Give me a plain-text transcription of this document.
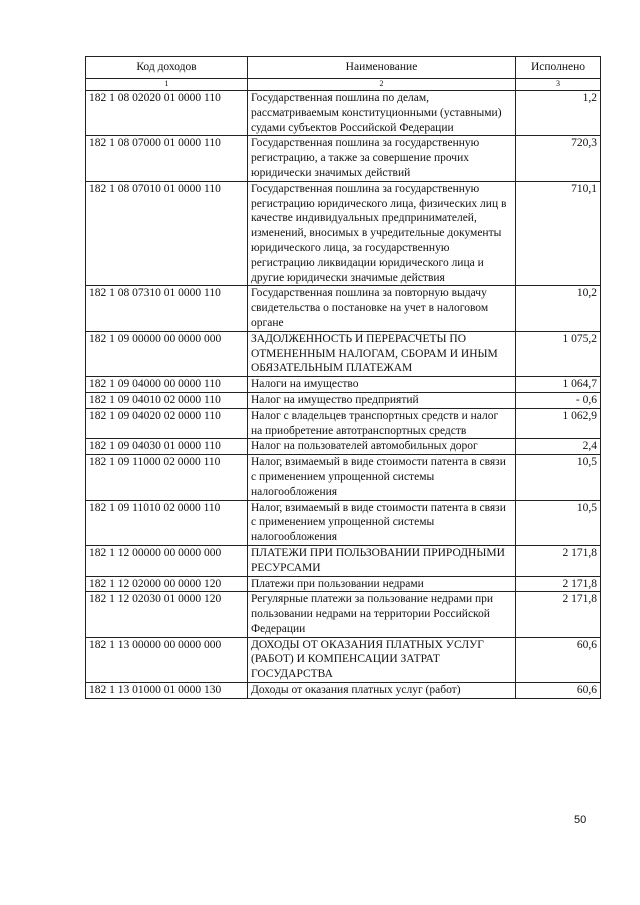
Код доходов	Наименование	Исполнено
1	2	3
182 1 08 02020 01 0000 110	Государственная пошлина по делам, рассматриваемым конституционными (уставными) судами субъектов Российской Федерации	1,2
182 1 08 07000 01 0000 110	Государственная пошлина за государственную регистрацию, а также за совершение прочих юридически значимых действий	720,3
182 1 08 07010 01 0000 110	Государственная пошлина за государственную регистрацию юридического лица, физических лиц в качестве индивидуальных предпринимателей, изменений, вносимых в учредительные документы юридического лица, за государственную регистрацию ликвидации юридического лица и другие юридически значимые действия	710,1
182 1 08 07310 01 0000 110	Государственная пошлина за повторную выдачу свидетельства о постановке на учет в налоговом органе	10,2
182 1 09 00000 00 0000 000	ЗАДОЛЖЕННОСТЬ И ПЕРЕРАСЧЕТЫ ПО ОТМЕНЕННЫМ НАЛОГАМ, СБОРАМ И ИНЫМ ОБЯЗАТЕЛЬНЫМ ПЛАТЕЖАМ	1 075,2
182 1 09 04000 00 0000 110	Налоги на имущество	1 064,7
182 1 09 04010 02 0000 110	Налог на имущество предприятий	- 0,6
182 1 09 04020 02 0000 110	Налог с владельцев транспортных средств и налог на приобретение автотранспортных средств	1 062,9
182 1 09 04030 01 0000 110	Налог на пользователей автомобильных дорог	2,4
182 1 09 11000 02 0000 110	Налог, взимаемый в виде стоимости патента в связи с применением упрощенной системы налогообложения	10,5
182 1 09 11010 02 0000 110	Налог, взимаемый в виде стоимости патента в связи с применением упрощенной системы налогообложения	10,5
182 1 12 00000 00 0000 000	ПЛАТЕЖИ ПРИ ПОЛЬЗОВАНИИ ПРИРОДНЫМИ РЕСУРСАМИ	2 171,8
182 1 12 02000 00 0000 120	Платежи при пользовании недрами	2 171,8
182 1 12 02030 01 0000 120	Регулярные платежи за пользование недрами при пользовании недрами на территории Российской Федерации	2 171,8
182 1 13 00000 00 0000 000	ДОХОДЫ ОТ ОКАЗАНИЯ ПЛАТНЫХ УСЛУГ (РАБОТ) И КОМПЕНСАЦИИ ЗАТРАТ ГОСУДАРСТВА	60,6
182 1 13 01000 01 0000 130	Доходы от оказания платных услуг (работ)	60,6
50
